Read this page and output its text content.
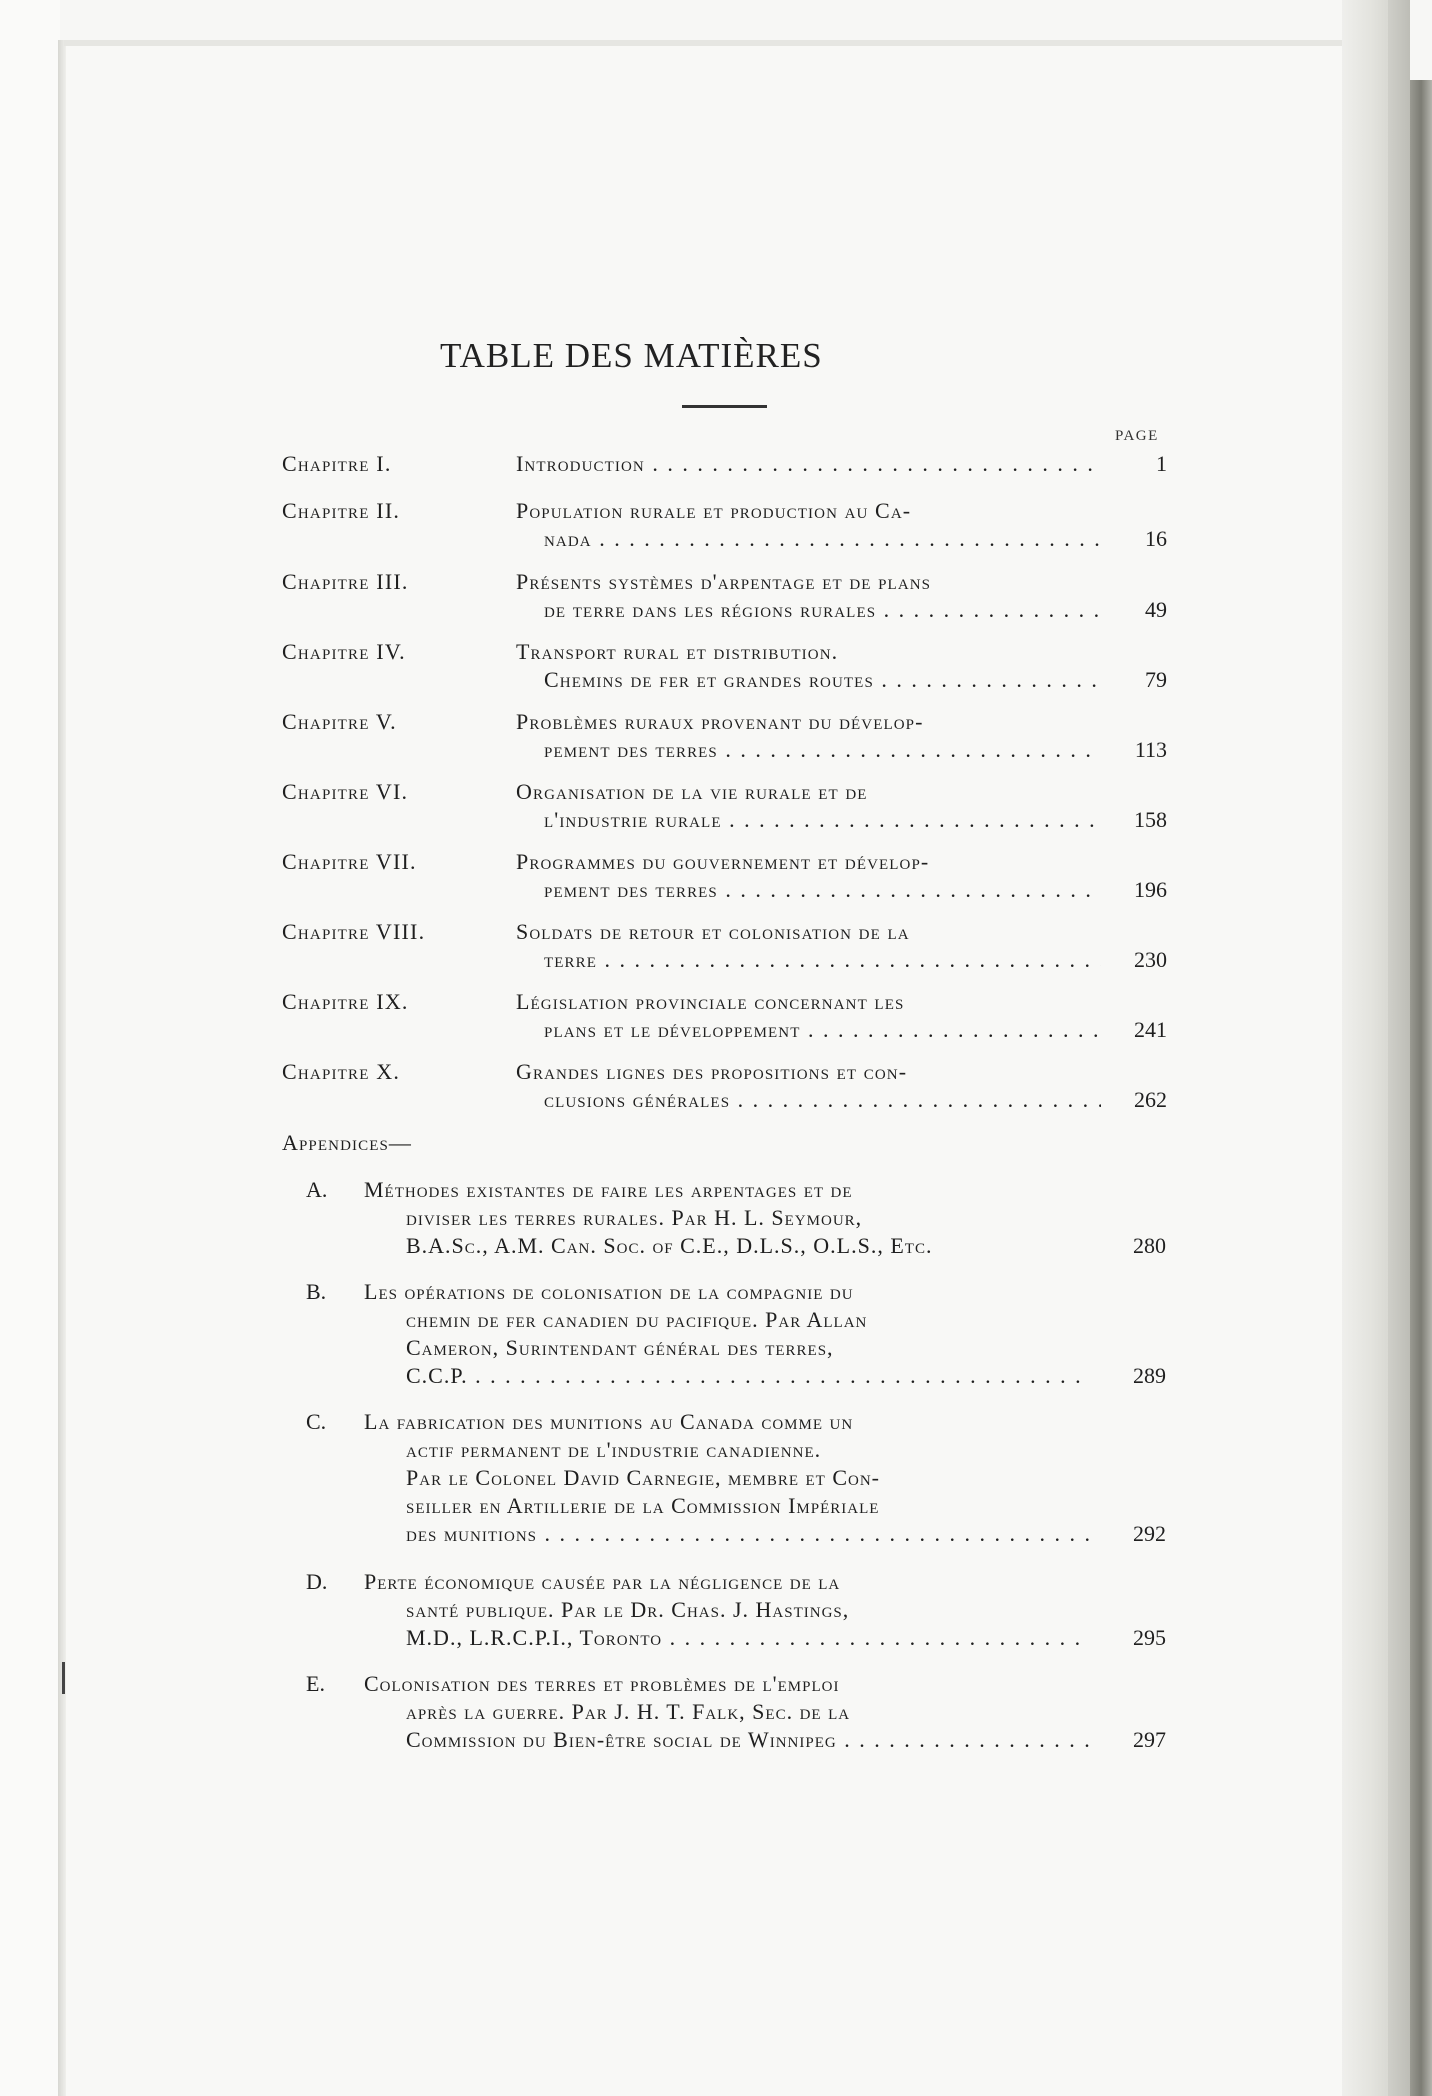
TABLE DES MATIÈRES
PAGE
Chapitre I.	Introduction . . .	1
Chapitre II.	Population rurale et production au Ca-
nada . . .	16
Chapitre III.	Présents systèmes d'arpentage et de plans
de terre dans les régions rurales . . .	49
Chapitre IV.	Transport rural et distribution.
Chemins de fer et grandes routes . . .	79
Chapitre V.	Problèmes ruraux provenant du dévelop-
pement des terres . . .	113
Chapitre VI.	Organisation de la vie rurale et de
l'industrie rurale . . .	158
Chapitre VII.	Programmes du gouvernement et dévelop-
pement des terres . . .	196
Chapitre VIII.	Soldats de retour et colonisation de la
terre . . .	230
Chapitre IX.	Législation provinciale concernant les
plans et le développement . . .	241
Chapitre X.	Grandes lignes des propositions et con-
clusions générales . . .	262
Appendices—
A.	Méthodes existantes de faire les arpentages et de
diviser les terres rurales. Par H. L. Seymour,
B.A.Sc., A.M. Can. Soc. of C.E., D.L.S., O.L.S., Etc.	280
B.	Les opérations de colonisation de la compagnie du
chemin de fer canadien du pacifique. Par Allan
Cameron, Surintendant général des terres,
C.C.P. . . .	289
C.	La fabrication des munitions au Canada comme un
actif permanent de l'industrie canadienne.
Par le Colonel David Carnegie, membre et Con-
seiller en Artillerie de la Commission Impériale
des munitions . . .	292
D.	Perte économique causée par la négligence de la
santé publique. Par le Dr. Chas. J. Hastings,
M.D., L.R.C.P.I., Toronto . . .	295
E.	Colonisation des terres et problèmes de l'emploi
après la guerre. Par J. H. T. Falk, Sec. de la
Commission du Bien-être social de Winnipeg . . .	297
